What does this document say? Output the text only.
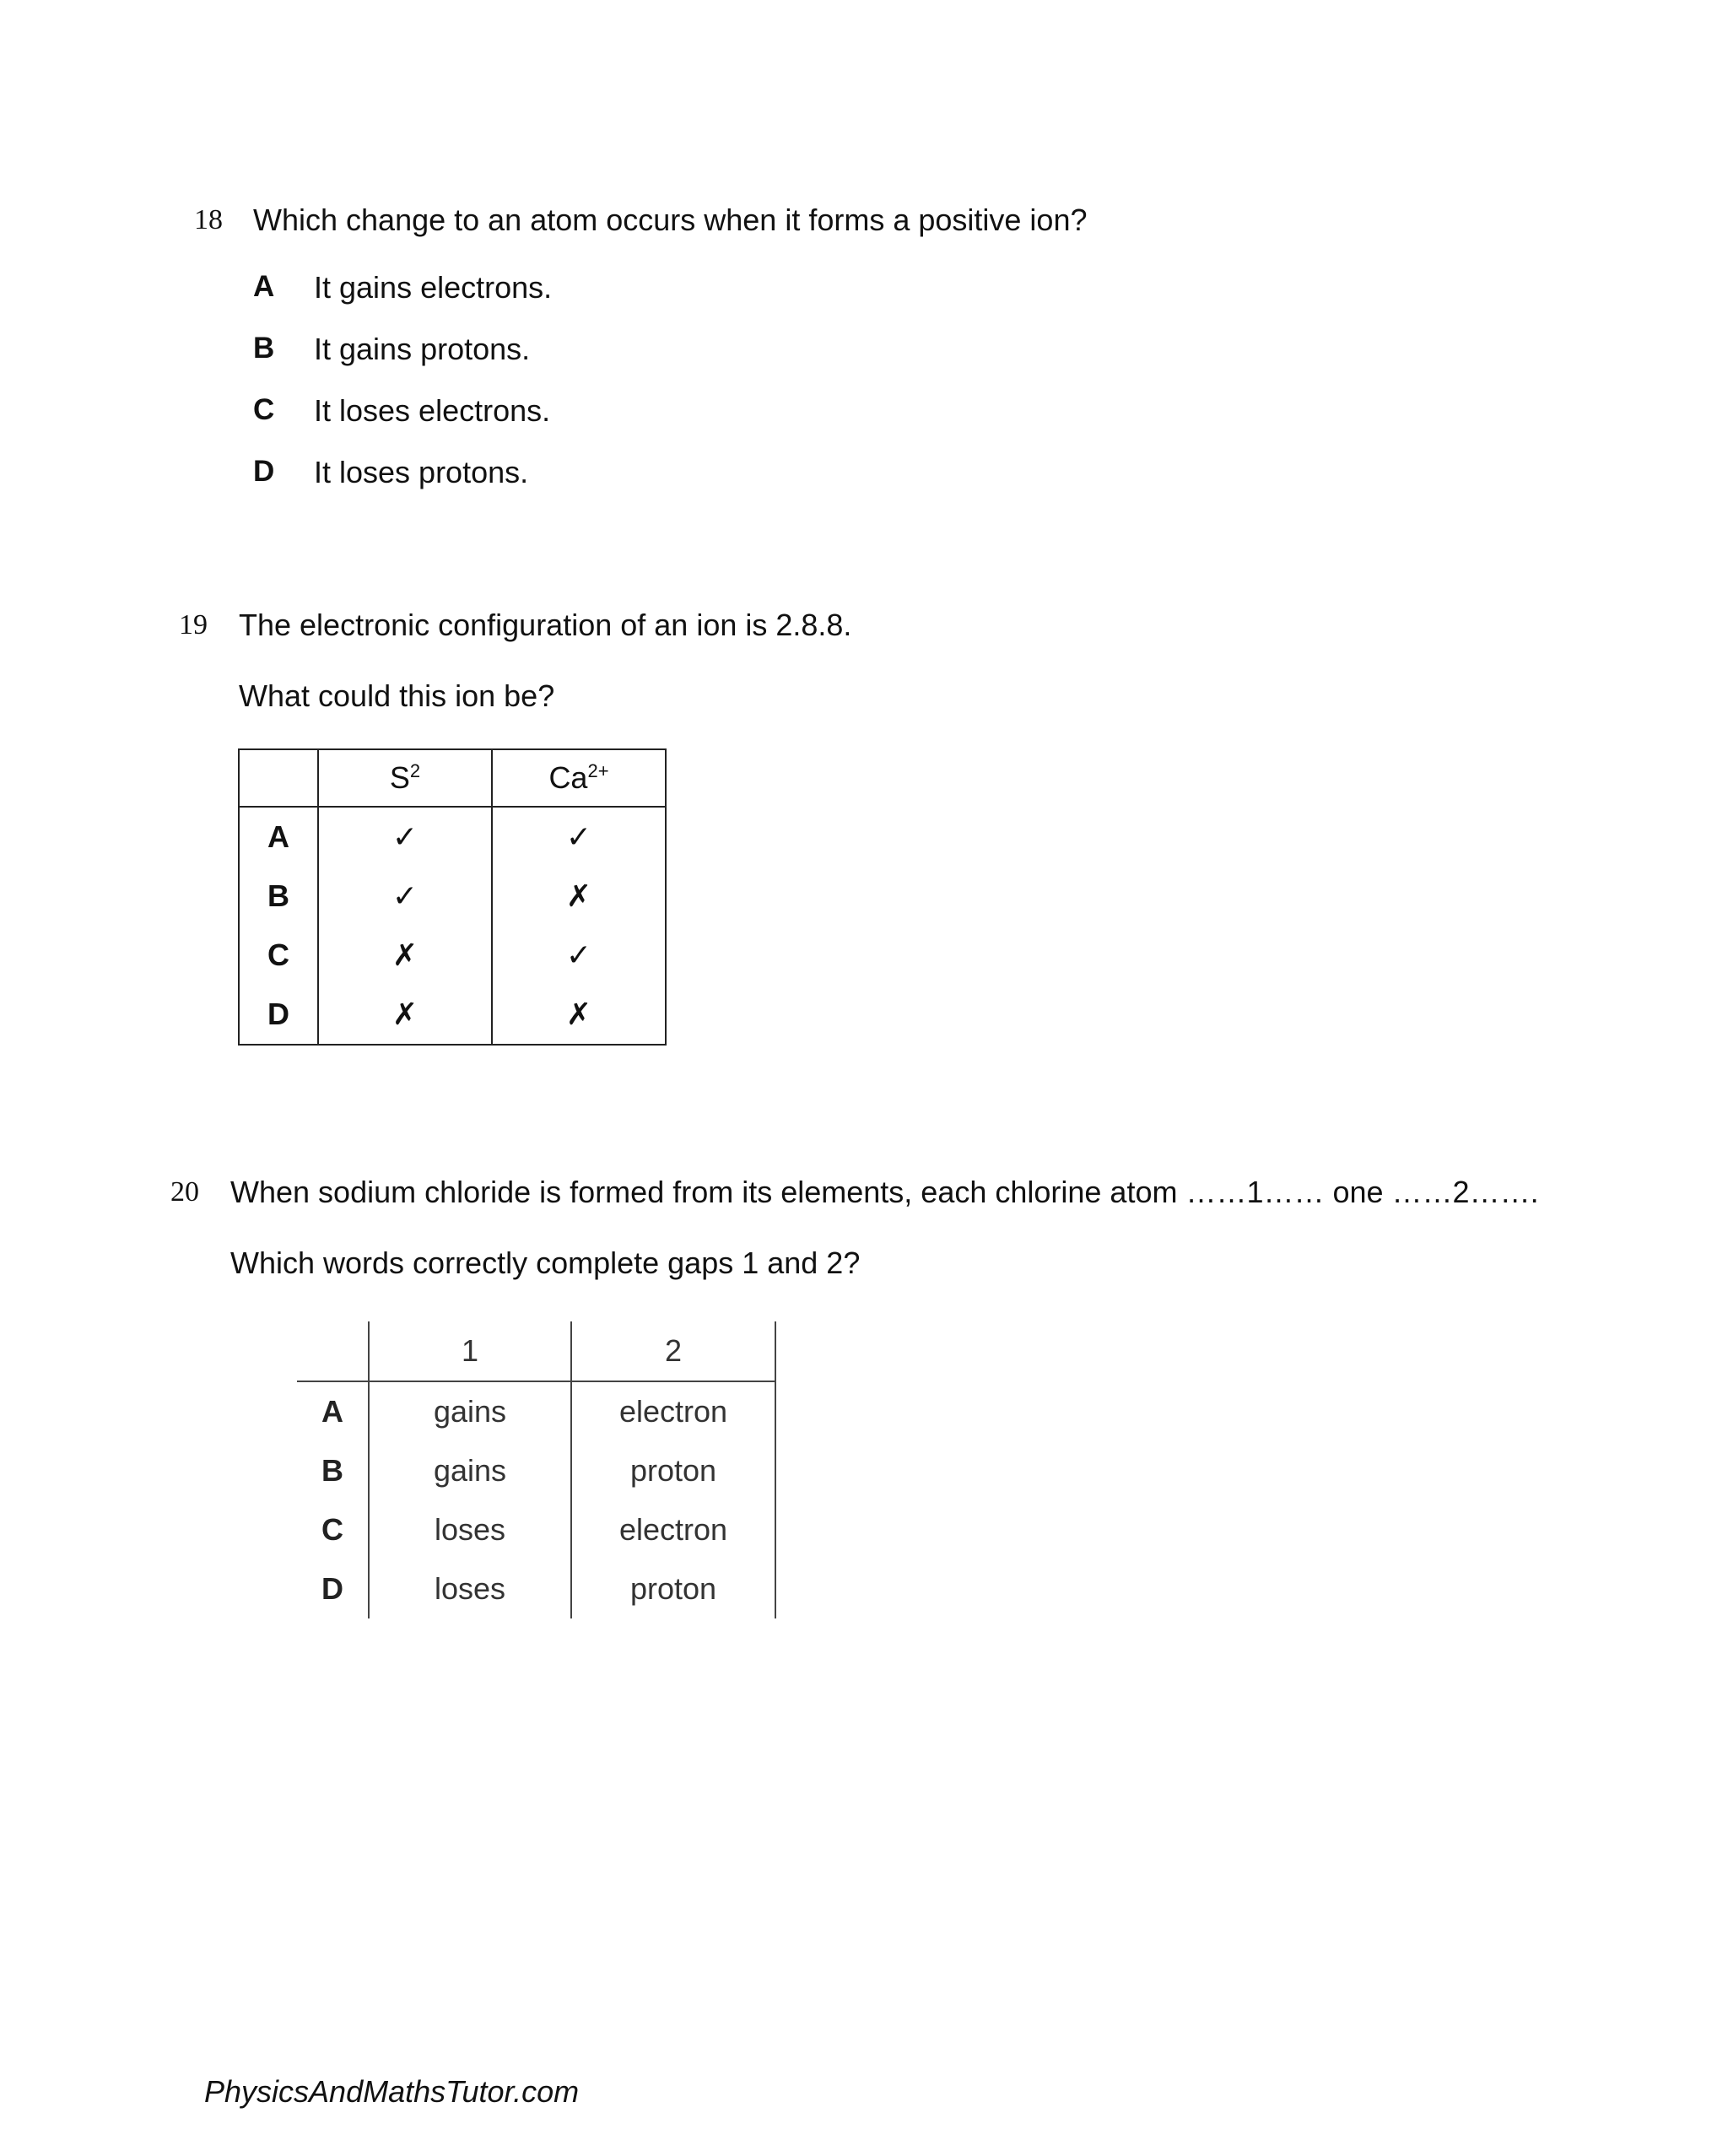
18 Which change to an atom occurs when it forms a positive ion?
A It gains electrons.
B It gains protons.
C It loses electrons.
D It loses protons.
19 The electronic configuration of an ion is 2.8.8.
What could this ion be?
	$S^2$	$Ca^{2+}$
A	✓	✓
B	✓	✗
C	✗	✓
D	✗	✗
20 When sodium chloride is formed from its elements, each chlorine atom ……1…… one ……2…….
Which words correctly complete gaps 1 and 2?
	1	2
A	gains	electron
B	gains	proton
C	loses	electron
D	loses	proton
PhysicsAndMathsTutor.com
